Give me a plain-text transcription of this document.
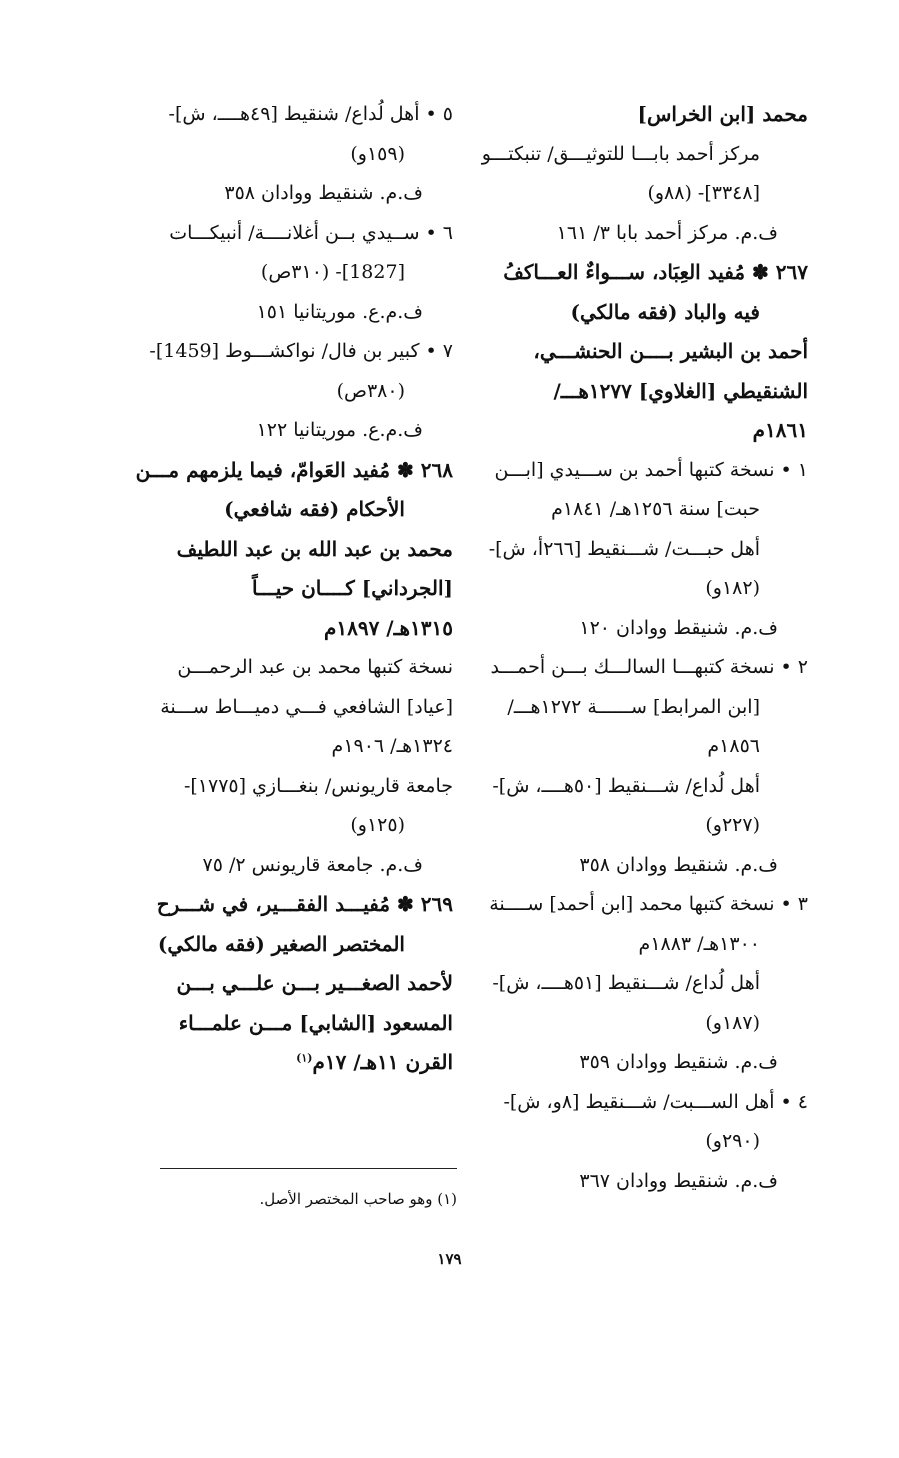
محمد [ابن الخراس]
مركز أحمد بابـــا للتوثيـــق/ تنبكتـــو
[٣٣٤٨]- (٨٨و)
ف.م. مركز أحمد بابا ٣/ ١٦١
٢٦٧ ✽ مُفيد العِبَاد، ســـواءٌ العـــاكفُ
فيه والباد (فقه مالكي)
أحمد بن البشير بــــن الحنشـــي،
الشنقيطي [الغلاوي] ١٢٧٧هـــ/
١٨٦١م
١ • نسخة كتبها أحمد بن ســـيدي [ابـــن
حبت] سنة ١٢٥٦هـ/ ١٨٤١م
أهل حبـــت/ شـــنقيط [٢٦٦أ، ش]-
(١٨٢و)
ف.م. شنيقط ووادان ١٢٠
٢ • نسخة كتبهـــا السالـــك بـــن أحمـــد
[ابن المرابط] ســــــة ١٢٧٢هـــ/
١٨٥٦م
أهل لُداع/ شـــنقيط [٥٠هــــ، ش]-
(٢٢٧و)
ف.م. شنقيط ووادان ٣٥٨
٣ • نسخة كتبها محمد [ابن أحمد] ســــنة
١٣٠٠هـ/ ١٨٨٣م
أهل لُداع/ شـــنقيط [٥١هــــ، ش]-
(١٨٧و)
ف.م. شنقيط ووادان ٣٥٩
٤ • أهل الســـبت/ شـــنقيط [٨و، ش]-
(٢٩٠و)
ف.م. شنقيط ووادان ٣٦٧
٥ • أهل لُداع/ شنقيط [٤٩هــــ، ش]-
(١٥٩و)
ف.م. شنقيط ووادان ٣٥٨
٦ • ســيدي بــن أغلانــــة/ أنبيكـــات
[1827]- (٣١٠ص)
ف.م.ع. موريتانيا ١٥١
٧ • كبير بن فال/ نواكشـــوط [1459]-
(٣٨٠ص)
ف.م.ع. موريتانيا ١٢٢
٢٦٨ ✽ مُفيد العَوامّ، فيما يلزمهم مـــن
الأحكام (فقه شافعي)
محمد بن عبد الله بن عبد اللطيف
[الجرداني] كــــان حيـــاً
١٣١٥هـ/ ١٨٩٧م
نسخة كتبها محمد بن عبد الرحمـــن
[عياد] الشافعي فـــي دميـــاط ســـنة
١٣٢٤هـ/ ١٩٠٦م
جامعة قاريونس/ بنغـــازي [١٧٧٥]-
(١٢٥و)
ف.م. جامعة قاريونس ٢/ ٧٥
٢٦٩ ✽ مُفيـــد الفقـــير، في شـــرح
المختصر الصغير (فقه مالكي)
لأحمد الصغـــير بـــن علـــي بـــن
المسعود [الشابي] مـــن علمـــاء
القرن ١١هـ/ ١٧م$^{(١)}$
(١) وهو صاحب المختصر الأصل.
١٧٩
